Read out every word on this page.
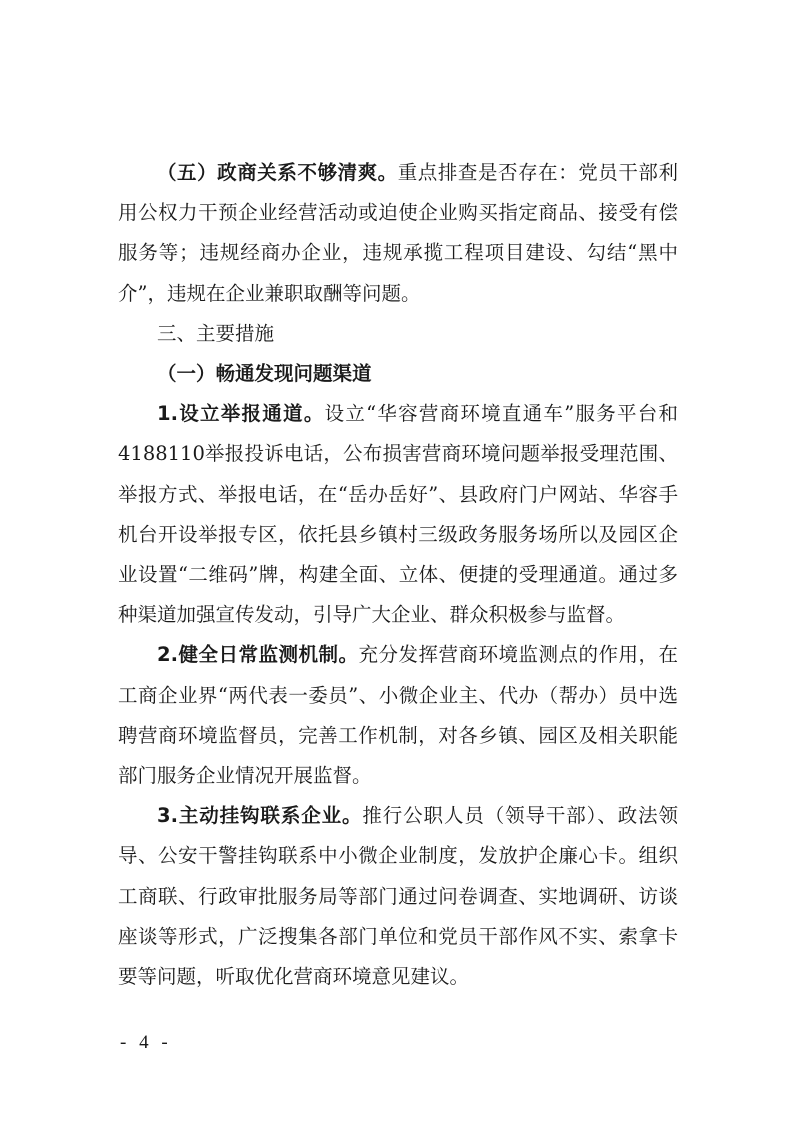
（五）政商关系不够清爽。重点排查是否存在：党员干部利用公权力干预企业经营活动或迫使企业购买指定商品、接受有偿服务等；违规经商办企业，违规承揽工程项目建设、勾结“黑中介”，违规在企业兼职取酬等问题。

三、主要措施

（一）畅通发现问题渠道

1.设立举报通道。设立“华容营商环境直通车”服务平台和4188110举报投诉电话，公布损害营商环境问题举报受理范围、举报方式、举报电话，在“岳办岳好”、县政府门户网站、华容手机台开设举报专区，依托县乡镇村三级政务服务场所以及园区企业设置“二维码”牌，构建全面、立体、便捷的受理通道。通过多种渠道加强宣传发动，引导广大企业、群众积极参与监督。

2.健全日常监测机制。充分发挥营商环境监测点的作用，在工商企业界“两代表一委员”、小微企业主、代办（帮办）员中选聘营商环境监督员，完善工作机制，对各乡镇、园区及相关职能部门服务企业情况开展监督。

3.主动挂钩联系企业。推行公职人员（领导干部）、政法领导、公安干警挂钩联系中小微企业制度，发放护企廉心卡。组织工商联、行政审批服务局等部门通过问卷调查、实地调研、访谈座谈等形式，广泛搜集各部门单位和党员干部作风不实、索拿卡要等问题，听取优化营商环境意见建议。

- 4 -
